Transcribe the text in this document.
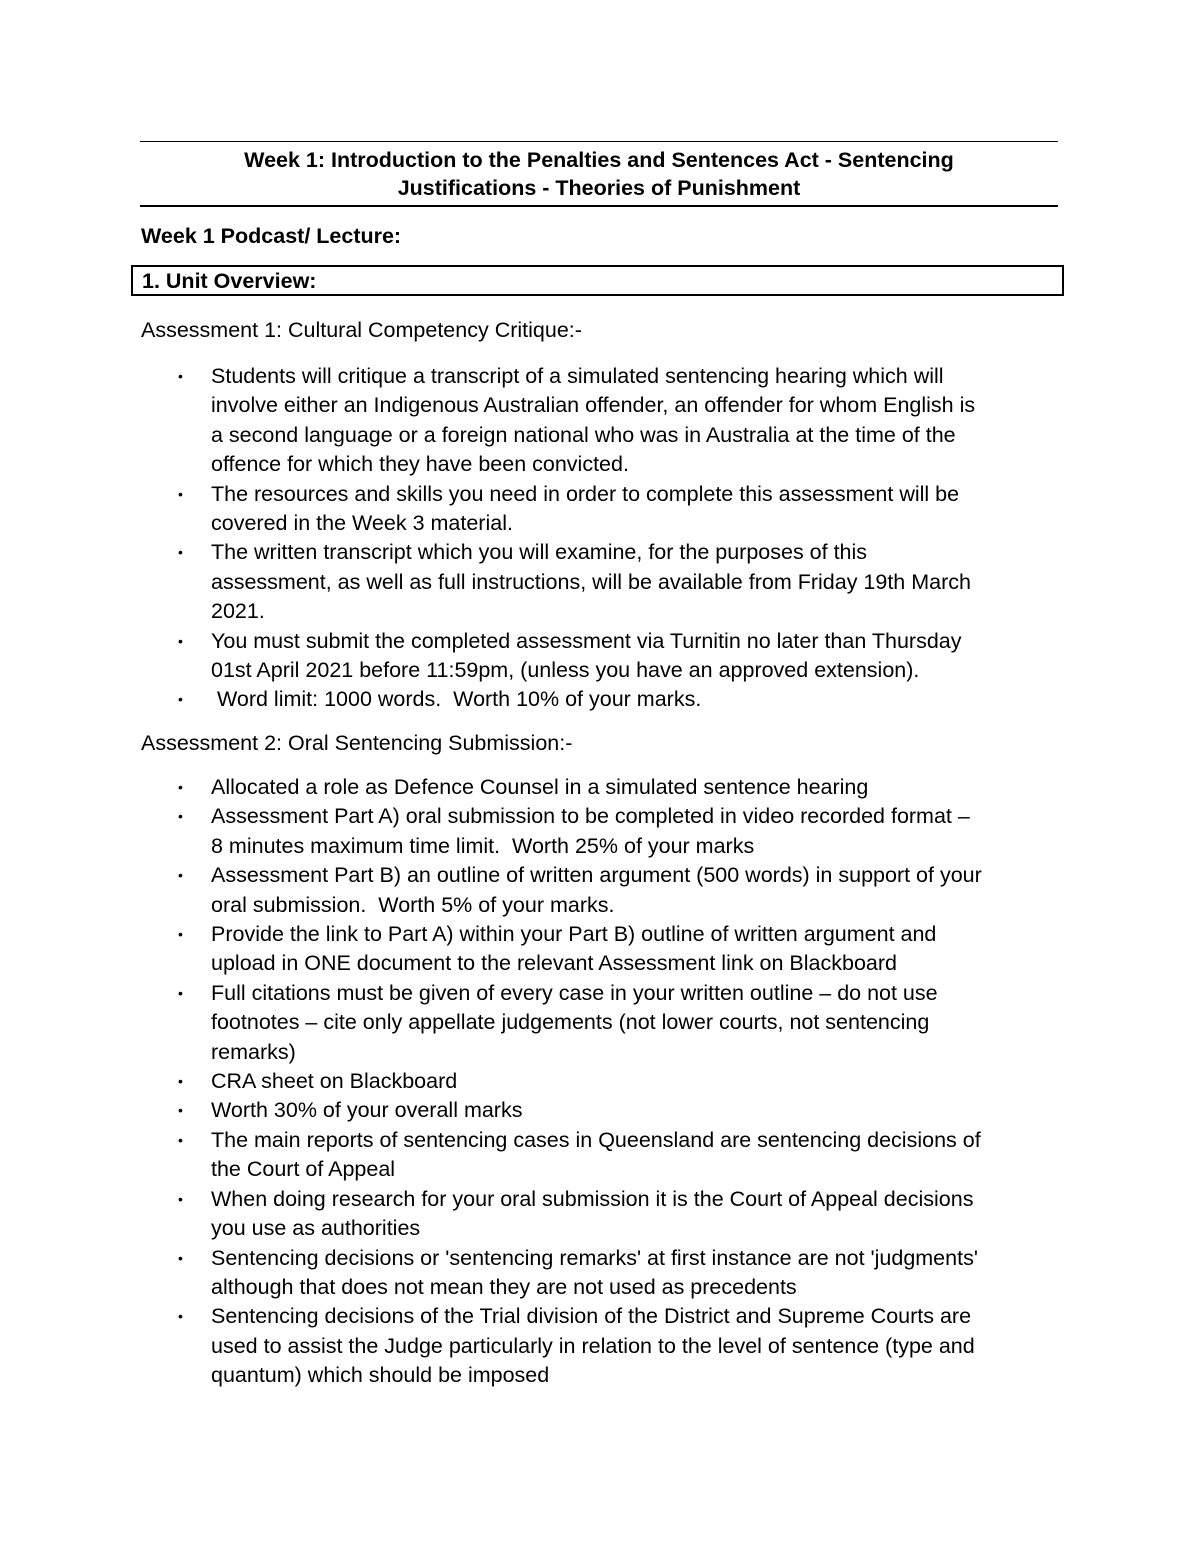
Week 1: Introduction to the Penalties and Sentences Act - Sentencing
Justifications - Theories of Punishment
Week 1 Podcast/ Lecture:
1. Unit Overview:
Assessment 1: Cultural Competency Critique:-
• Students will critique a transcript of a simulated sentencing hearing which will
involve either an Indigenous Australian offender, an offender for whom English is
a second language or a foreign national who was in Australia at the time of the
offence for which they have been convicted.
• The resources and skills you need in order to complete this assessment will be
covered in the Week 3 material.
• The written transcript which you will examine, for the purposes of this
assessment, as well as full instructions, will be available from Friday 19th March
2021.
• You must submit the completed assessment via Turnitin no later than Thursday
01st April 2021 before 11:59pm, (unless you have an approved extension).
• Word limit: 1000 words.  Worth 10% of your marks.
Assessment 2: Oral Sentencing Submission:-
• Allocated a role as Defence Counsel in a simulated sentence hearing
• Assessment Part A) oral submission to be completed in video recorded format –
8 minutes maximum time limit.  Worth 25% of your marks
• Assessment Part B) an outline of written argument (500 words) in support of your
oral submission.  Worth 5% of your marks.
• Provide the link to Part A) within your Part B) outline of written argument and
upload in ONE document to the relevant Assessment link on Blackboard
• Full citations must be given of every case in your written outline – do not use
footnotes – cite only appellate judgements (not lower courts, not sentencing
remarks)
• CRA sheet on Blackboard
• Worth 30% of your overall marks
• The main reports of sentencing cases in Queensland are sentencing decisions of
the Court of Appeal
• When doing research for your oral submission it is the Court of Appeal decisions
you use as authorities
• Sentencing decisions or 'sentencing remarks' at first instance are not 'judgments'
although that does not mean they are not used as precedents
• Sentencing decisions of the Trial division of the District and Supreme Courts are
used to assist the Judge particularly in relation to the level of sentence (type and
quantum) which should be imposed
